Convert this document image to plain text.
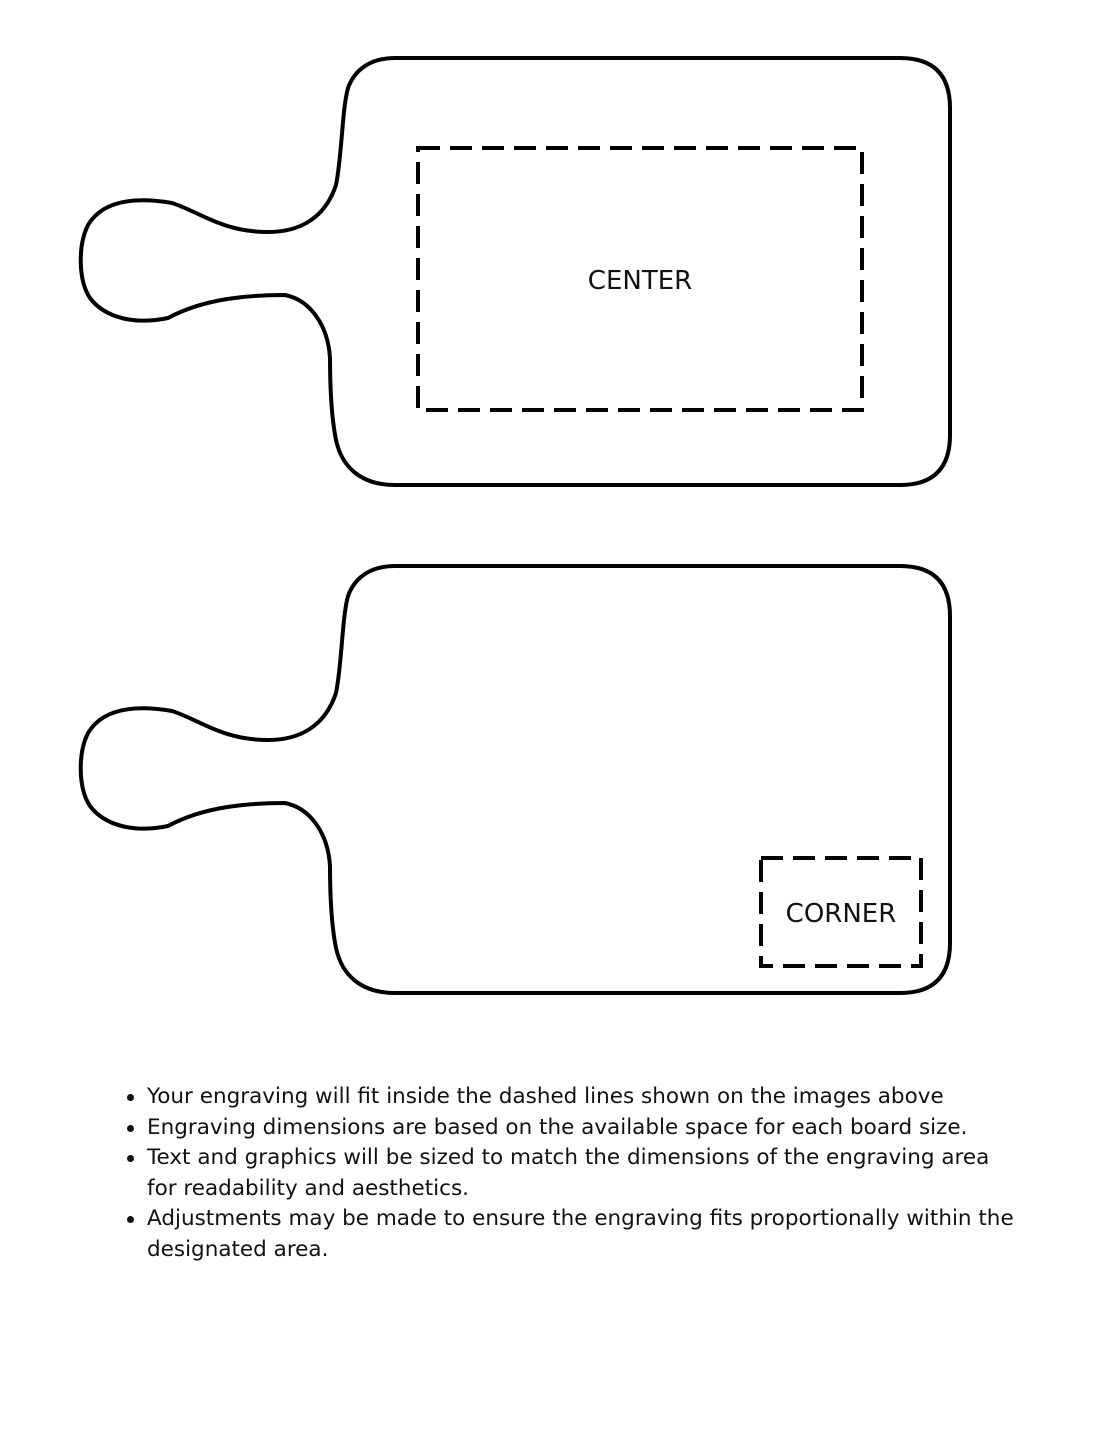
CENTER
CORNER
Your engraving will fit inside the dashed lines shown on the images above
Engraving dimensions are based on the available space for each board size.
Text and graphics will be sized to match the dimensions of the engraving area for readability and aesthetics.
Adjustments may be made to ensure the engraving fits proportionally within the designated area.
